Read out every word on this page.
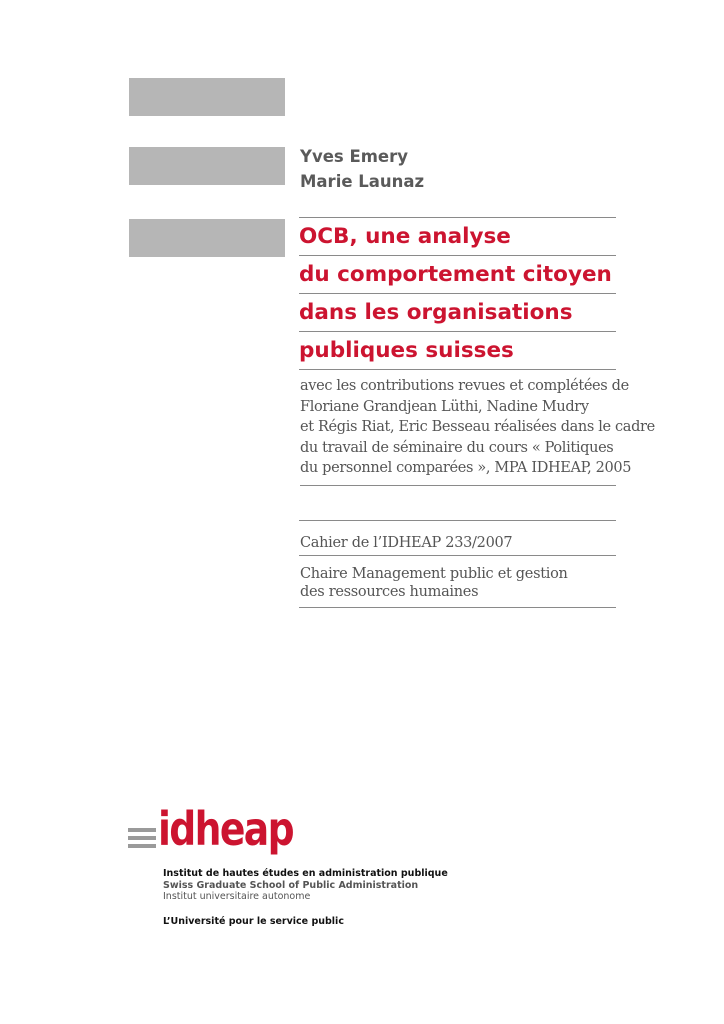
Yves Emery
Marie Launaz
OCB, une analyse
du comportement citoyen
dans les organisations
publiques suisses
avec les contributions revues et complétées de
Floriane Grandjean Lüthi, Nadine Mudry
et Régis Riat, Eric Besseau réalisées dans le cadre
du travail de séminaire du cours « Politiques
du personnel comparées », MPA IDHEAP, 2005
Cahier de l’IDHEAP 233/2007
Chaire Management public et gestion
des ressources humaines
idheap
Institut de hautes études en administration publique
Swiss Graduate School of Public Administration
Institut universitaire autonome
L’Université pour le service public
